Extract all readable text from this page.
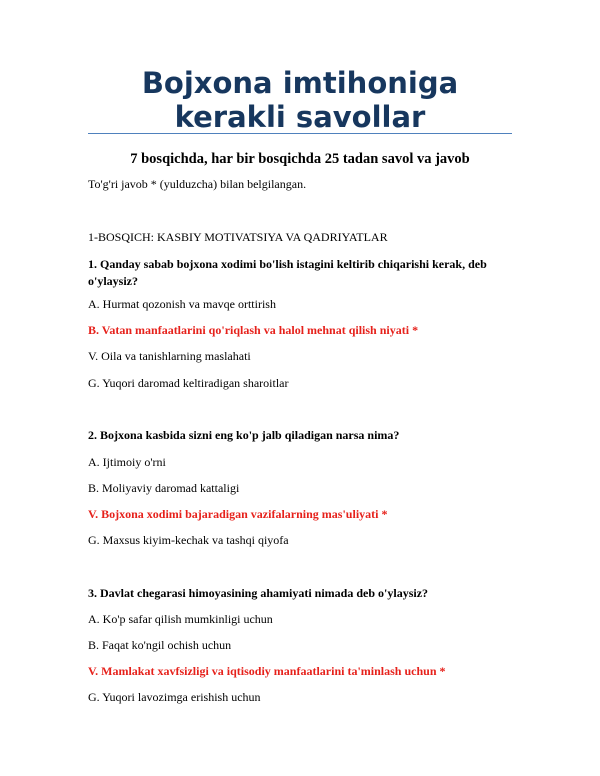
Bojxona imtihoniga kerakli savollar

7 bosqichda, har bir bosqichda 25 tadan savol va javob

To'g'ri javob * (yulduzcha) bilan belgilangan.

1-BOSQICH: KASBIY MOTIVATSIYA VA QADRIYATLAR

1. Qanday sabab bojxona xodimi bo'lish istagini keltirib chiqarishi kerak, deb o'ylaysiz?

A. Hurmat qozonish va mavqe orttirish

B. Vatan manfaatlarini qo'riqlash va halol mehnat qilish niyati *

V. Oila va tanishlarning maslahati

G. Yuqori daromad keltiradigan sharoitlar

2. Bojxona kasbida sizni eng ko'p jalb qiladigan narsa nima?

A. Ijtimoiy o'rni

B. Moliyaviy daromad kattaligi

V. Bojxona xodimi bajaradigan vazifalarning mas'uliyati *

G. Maxsus kiyim-kechak va tashqi qiyofa

3. Davlat chegarasi himoyasining ahamiyati nimada deb o'ylaysiz?

A. Ko'p safar qilish mumkinligi uchun

B. Faqat ko'ngil ochish uchun

V. Mamlakat xavfsizligi va iqtisodiy manfaatlarini ta'minlash uchun *

G. Yuqori lavozimga erishish uchun
